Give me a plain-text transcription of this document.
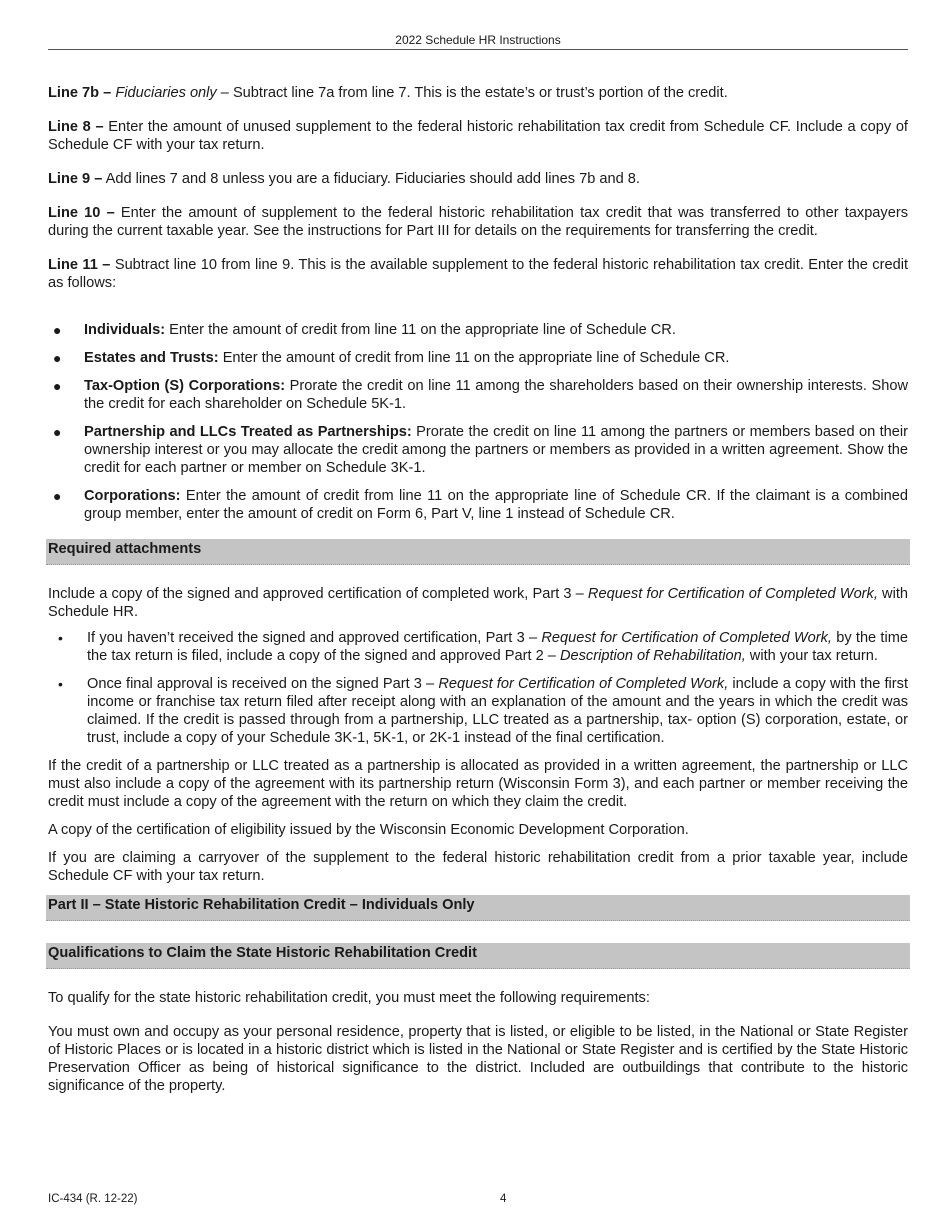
2022 Schedule HR Instructions

Line 7b – Fiduciaries only – Subtract line 7a from line 7. This is the estate’s or trust’s portion of the credit.

Line 8 – Enter the amount of unused supplement to the federal historic rehabilitation tax credit from Schedule CF. Include a copy of Schedule CF with your tax return.

Line 9 – Add lines 7 and 8 unless you are a fiduciary. Fiduciaries should add lines 7b and 8.

Line 10 – Enter the amount of supplement to the federal historic rehabilitation tax credit that was transferred to other taxpayers during the current taxable year. See the instructions for Part III for details on the requirements for transferring the credit.

Line 11 – Subtract line 10 from line 9. This is the available supplement to the federal historic rehabilitation tax credit. Enter the credit as follows:

● Individuals: Enter the amount of credit from line 11 on the appropriate line of Schedule CR.
● Estates and Trusts: Enter the amount of credit from line 11 on the appropriate line of Schedule CR.
● Tax-Option (S) Corporations: Prorate the credit on line 11 among the shareholders based on their ownership interests. Show the credit for each shareholder on Schedule 5K-1.
● Partnership and LLCs Treated as Partnerships: Prorate the credit on line 11 among the partners or members based on their ownership interest or you may allocate the credit among the partners or members as provided in a written agreement. Show the credit for each partner or member on Schedule 3K-1.
● Corporations: Enter the amount of credit from line 11 on the appropriate line of Schedule CR. If the claimant is a combined group member, enter the amount of credit on Form 6, Part V, line 1 instead of Schedule CR.
Required attachments

Include a copy of the signed and approved certification of completed work, Part 3 – Request for Certification of Completed Work, with Schedule HR.

• If you haven’t received the signed and approved certification, Part 3 – Request for Certification of Completed Work, by the time the tax return is filed, include a copy of the signed and approved Part 2 – Description of Rehabilitation, with your tax return.
• Once final approval is received on the signed Part 3 – Request for Certification of Completed Work, include a copy with the first income or franchise tax return filed after receipt along with an explanation of the amount and the years in which the credit was claimed. If the credit is passed through from a partnership, LLC treated as a partnership, tax- option (S) corporation, estate, or trust, include a copy of your Schedule 3K-1, 5K-1, or 2K-1 instead of the final certification.

If the credit of a partnership or LLC treated as a partnership is allocated as provided in a written agreement, the partnership or LLC must also include a copy of the agreement with its partnership return (Wisconsin Form 3), and each partner or member receiving the credit must include a copy of the agreement with the return on which they claim the credit.

A copy of the certification of eligibility issued by the Wisconsin Economic Development Corporation.

If you are claiming a carryover of the supplement to the federal historic rehabilitation credit from a prior taxable year, include Schedule CF with your tax return.

Part II – State Historic Rehabilitation Credit – Individuals Only
Qualifications to Claim the State Historic Rehabilitation Credit

To qualify for the state historic rehabilitation credit, you must meet the following requirements:

You must own and occupy as your personal residence, property that is listed, or eligible to be listed, in the National or State Register of Historic Places or is located in a historic district which is listed in the National or State Register and is certified by the State Historic Preservation Officer as being of historical significance to the district. Included are outbuildings that contribute to the historic significance of the property.

IC-434 (R. 12-22)	4
